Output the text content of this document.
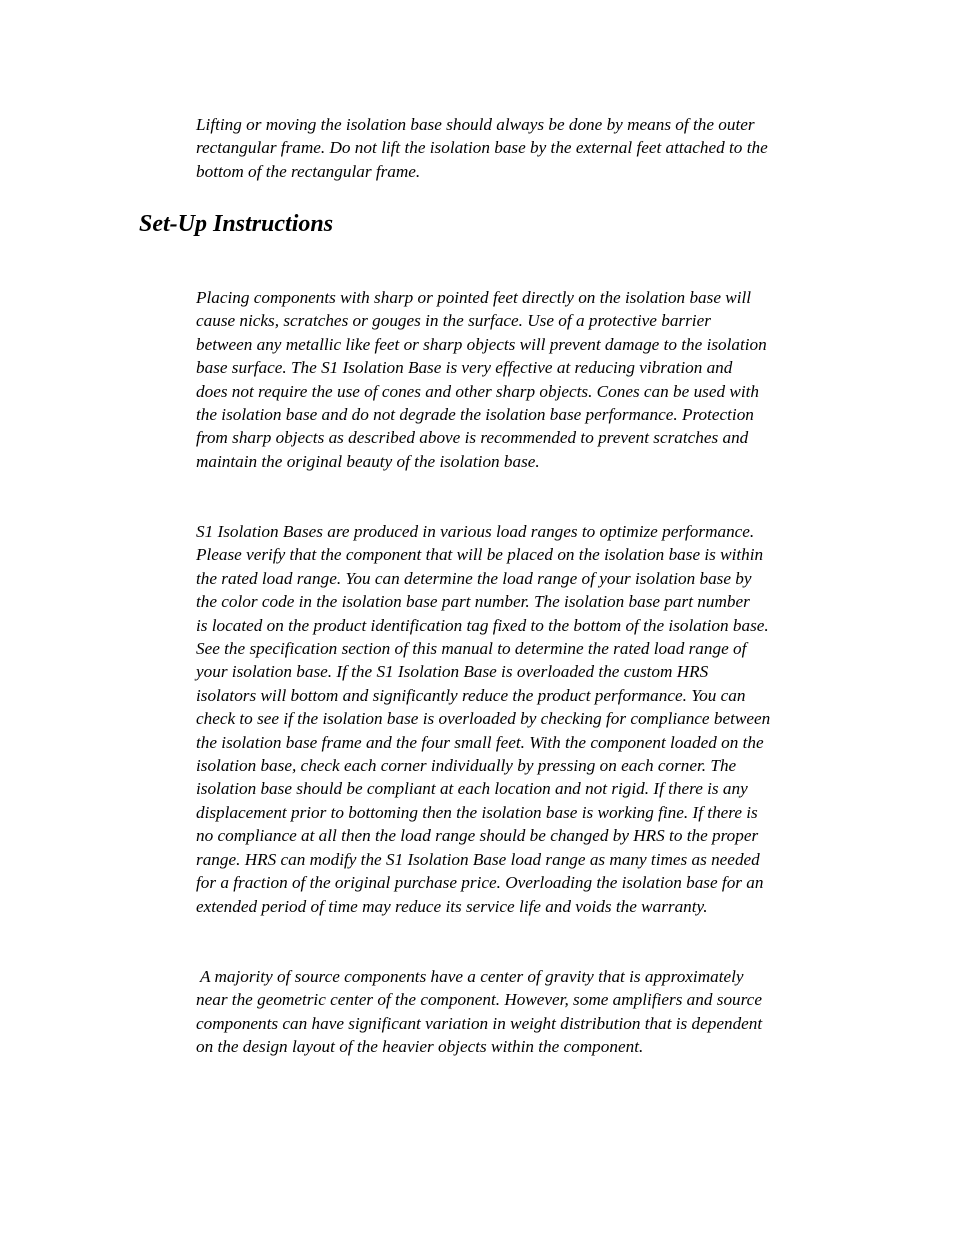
Lifting or moving the isolation base should always be done by means of the outer
rectangular frame. Do not lift the isolation base by the external feet attached to the
bottom of the rectangular frame.

Set-Up Instructions

Placing components with sharp or pointed feet directly on the isolation base will
cause nicks, scratches or gouges in the surface. Use of a protective barrier
between any metallic like feet or sharp objects will prevent damage to the isolation
base surface. The S1 Isolation Base is very effective at reducing vibration and
does not require the use of cones and other sharp objects. Cones can be used with
the isolation base and do not degrade the isolation base performance. Protection
from sharp objects as described above is recommended to prevent scratches and
maintain the original beauty of the isolation base.

S1 Isolation Bases are produced in various load ranges to optimize performance.
Please verify that the component that will be placed on the isolation base is within
the rated load range. You can determine the load range of your isolation base by
the color code in the isolation base part number. The isolation base part number
is located on the product identification tag fixed to the bottom of the isolation base.
See the specification section of this manual to determine the rated load range of
your isolation base. If the S1 Isolation Base is overloaded the custom HRS
isolators will bottom and significantly reduce the product performance. You can
check to see if the isolation base is overloaded by checking for compliance between
the isolation base frame and the four small feet. With the component loaded on the
isolation base, check each corner individually by pressing on each corner. The
isolation base should be compliant at each location and not rigid. If there is any
displacement prior to bottoming then the isolation base is working fine. If there is
no compliance at all then the load range should be changed by HRS to the proper
range. HRS can modify the S1 Isolation Base load range as many times as needed
for a fraction of the original purchase price. Overloading the isolation base for an
extended period of time may reduce its service life and voids the warranty.

A majority of source components have a center of gravity that is approximately
near the geometric center of the component. However, some amplifiers and source
components can have significant variation in weight distribution that is dependent
on the design layout of the heavier objects within the component.
